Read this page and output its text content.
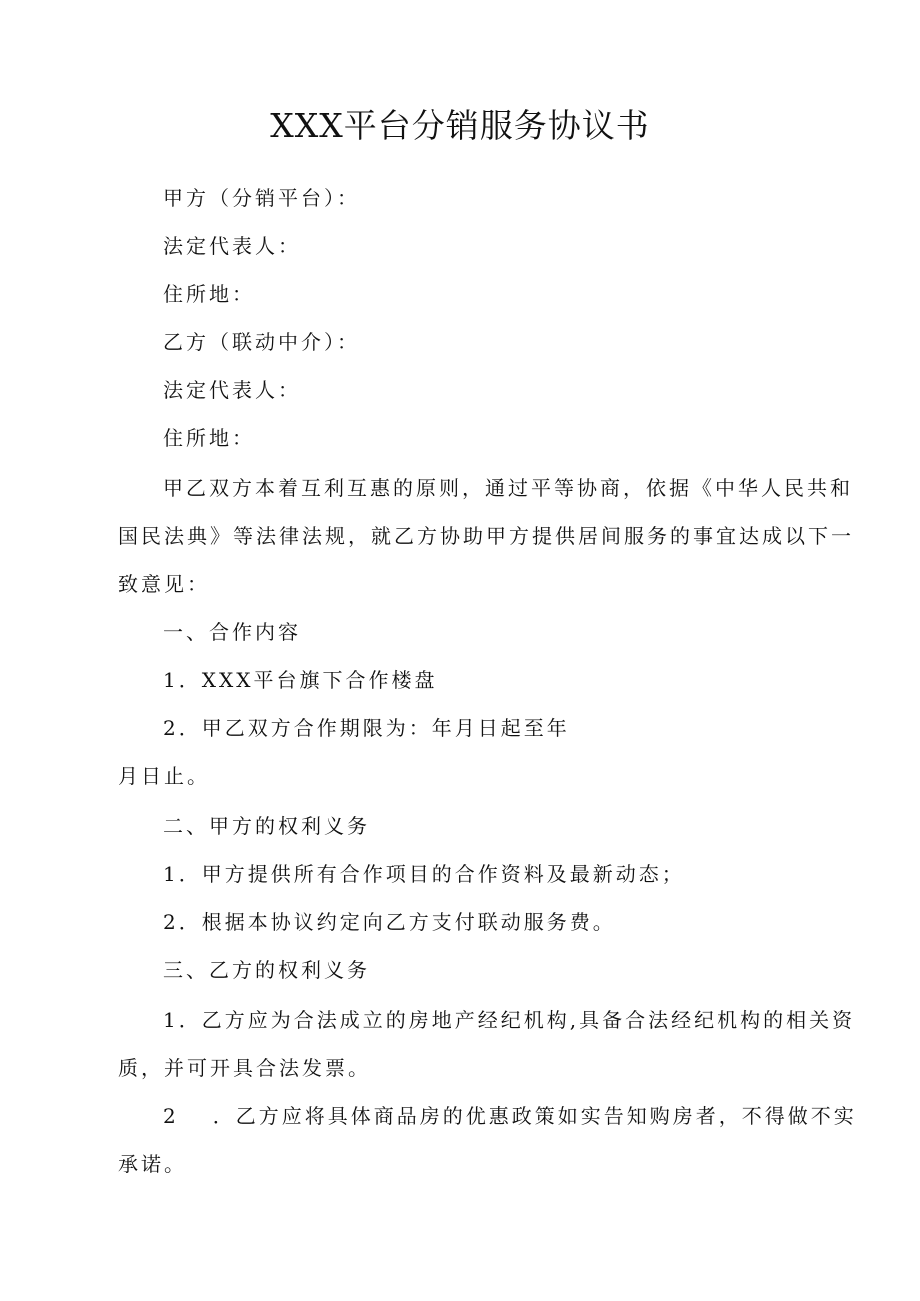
XXX平台分销服务协议书

甲方（分销平台）：

法定代表人：

住所地：

乙方（联动中介）：

法定代表人：

住所地：

甲乙双方本着互利互惠的原则，通过平等协商，依据《中华人民共和
国民法典》等法律法规，就乙方协助甲方提供居间服务的事宜达成以下一
致意见：

一、合作内容

1．XXX平台旗下合作楼盘

2．甲乙双方合作期限为：年月日起至年
月日止。

二、甲方的权利义务

1．甲方提供所有合作项目的合作资料及最新动态；

2．根据本协议约定向乙方支付联动服务费。

三、乙方的权利义务

1．乙方应为合法成立的房地产经纪机构,具备合法经纪机构的相关资
质，并可开具合法发票。
2 ．乙方应将具体商品房的优惠政策如实告知购房者，不得做不实
承诺。
